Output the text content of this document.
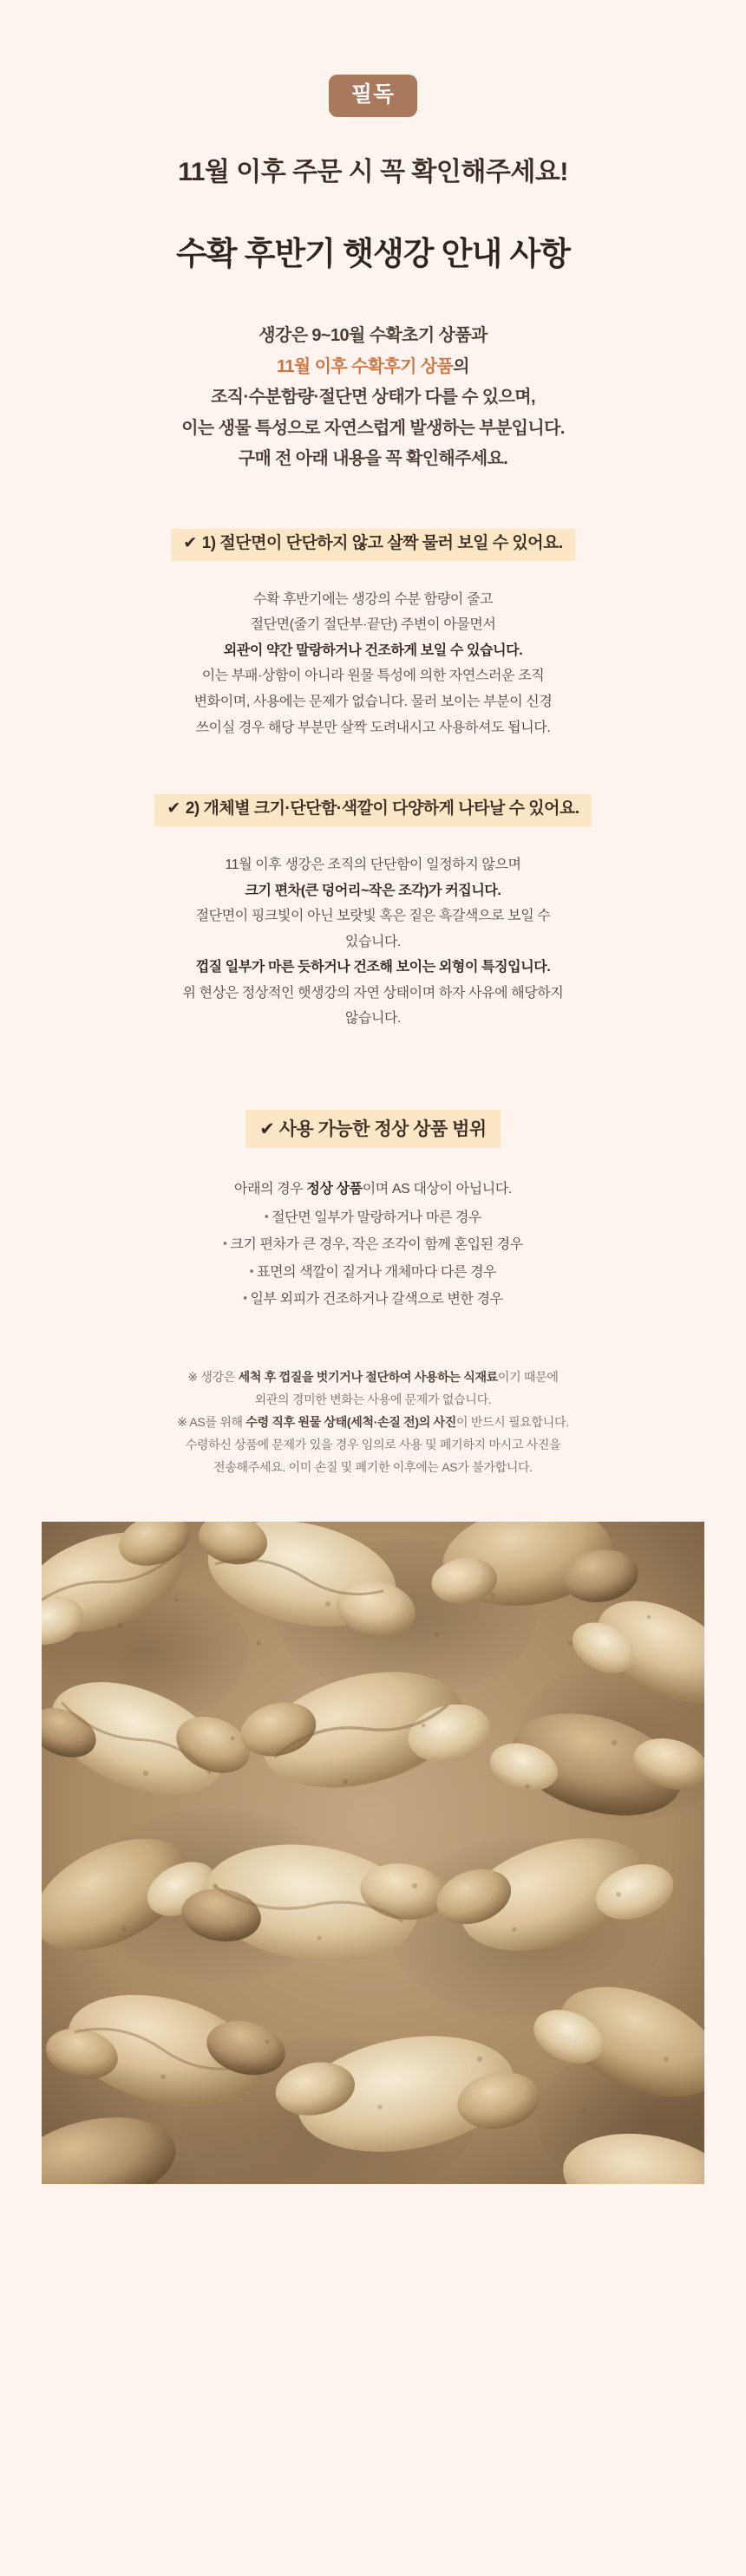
필독
11월 이후 주문 시 꼭 확인해주세요!
수확 후반기 햇생강 안내 사항
생강은 9~10월 수확초기 상품과
11월 이후 수확후기 상품의
조직·수분함량·절단면 상태가 다를 수 있으며,
이는 생물 특성으로 자연스럽게 발생하는 부분입니다.
구매 전 아래 내용을 꼭 확인해주세요.
✔ 1) 절단면이 단단하지 않고 살짝 물러 보일 수 있어요.
수확 후반기에는 생강의 수분 함량이 줄고
절단면(줄기 절단부·끝단) 주변이 아물면서
외관이 약간 말랑하거나 건조하게 보일 수 있습니다.
이는 부패·상함이 아니라 원물 특성에 의한 자연스러운 조직
변화이며, 사용에는 문제가 없습니다. 물러 보이는 부분이 신경
쓰이실 경우 해당 부분만 살짝 도려내시고 사용하셔도 됩니다.
✔ 2) 개체별 크기·단단함·색깔이 다양하게 나타날 수 있어요.
11월 이후 생강은 조직의 단단함이 일정하지 않으며
크기 편차(큰 덩어리~작은 조각)가 커집니다.
절단면이 핑크빛이 아닌 보랏빛 혹은 짙은 흑갈색으로 보일 수
있습니다.
껍질 일부가 마른 듯하거나 건조해 보이는 외형이 특징입니다.
위 현상은 정상적인 햇생강의 자연 상태이며 하자 사유에 해당하지
않습니다.
✔ 사용 가능한 정상 상품 범위
아래의 경우 정상 상품이며 AS 대상이 아닙니다.
▪ 절단면 일부가 말랑하거나 마른 경우
▪ 크기 편차가 큰 경우, 작은 조각이 함께 혼입된 경우
▪ 표면의 색깔이 짙거나 개체마다 다른 경우
▪ 일부 외피가 건조하거나 갈색으로 변한 경우
※ 생강은 세척 후 껍질을 벗기거나 절단하여 사용하는 식재료이기 때문에
외관의 경미한 변화는 사용에 문제가 없습니다.
※ AS를 위해 수령 직후 원물 상태(세척·손질 전)의 사진이 반드시 필요합니다.
수령하신 상품에 문제가 있을 경우 임의로 사용 및 폐기하지 마시고 사진을
전송해주세요. 이미 손질 및 폐기한 이후에는 AS가 불가합니다.
